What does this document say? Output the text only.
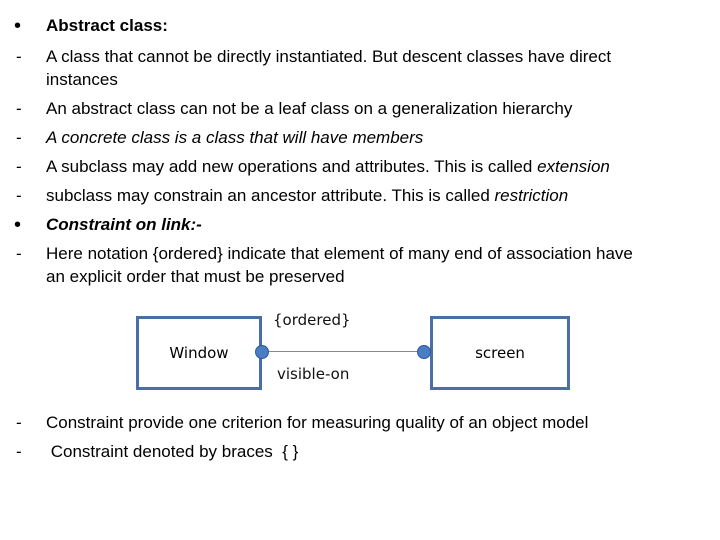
•	Abstract class:
-	A class that cannot be directly instantiated. But descent classes have direct
instances
-	An abstract class can not be a leaf class on a generalization hierarchy
-	A concrete class is a class that will have members
-	A subclass may add new operations and attributes. This is called extension
-	subclass may constrain an ancestor attribute. This is called restriction
•	Constraint on link:-
-	Here notation {ordered} indicate that element of many end of association have
an explicit order that must be preserved
Window	screen
{ordered}
visible-on
-	Constraint provide one criterion for measuring quality of an object model
-	Constraint denoted by braces  { }
